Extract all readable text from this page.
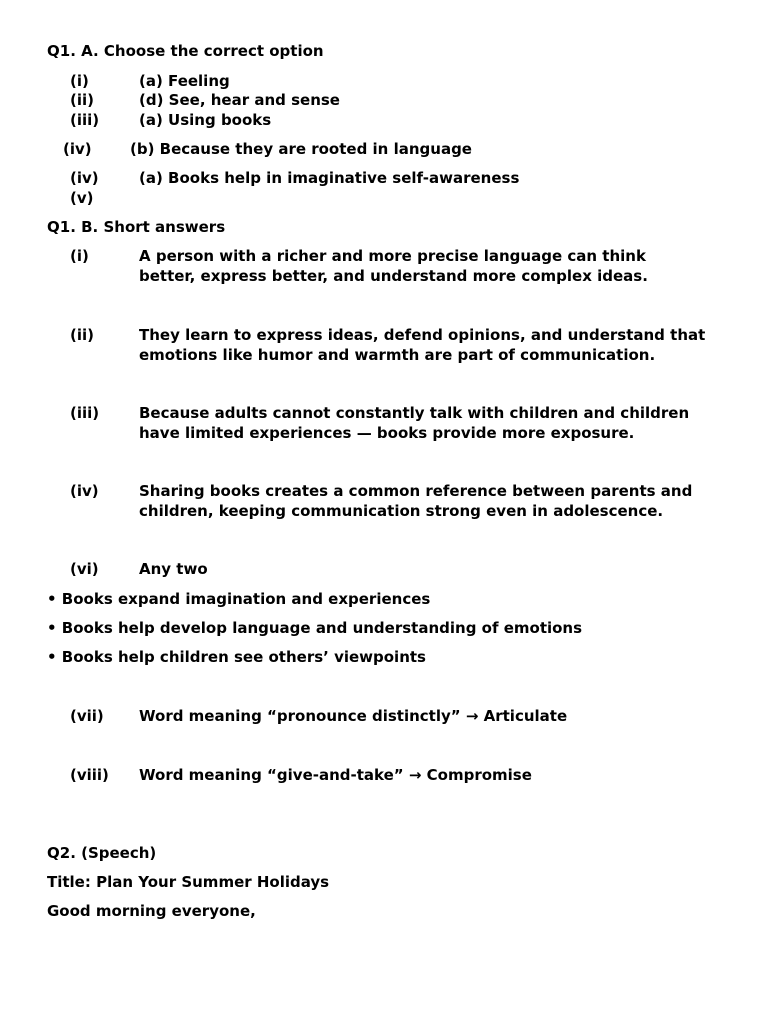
Q1. A. Choose the correct option
(i)	(a) Feeling
(ii)	(d) See, hear and sense
(iii)	(a) Using books
(iv)	(b) Because they are rooted in language
(iv)	(a) Books help in imaginative self-awareness
(v)
Q1. B. Short answers
(i)	A person with a richer and more precise language can think better, express better, and understand more complex ideas.
(ii)	They learn to express ideas, defend opinions, and understand that emotions like humor and warmth are part of communication.
(iii)	Because adults cannot constantly talk with children and children have limited experiences — books provide more exposure.
(iv)	Sharing books creates a common reference between parents and children, keeping communication strong even in adolescence.
(vi)	Any two
• Books expand imagination and experiences
• Books help develop language and understanding of emotions
• Books help children see others’ viewpoints
(vii) Word meaning “pronounce distinctly” → Articulate
(viii) Word meaning “give-and-take” → Compromise
Q2. (Speech)
Title: Plan Your Summer Holidays
Good morning everyone,
